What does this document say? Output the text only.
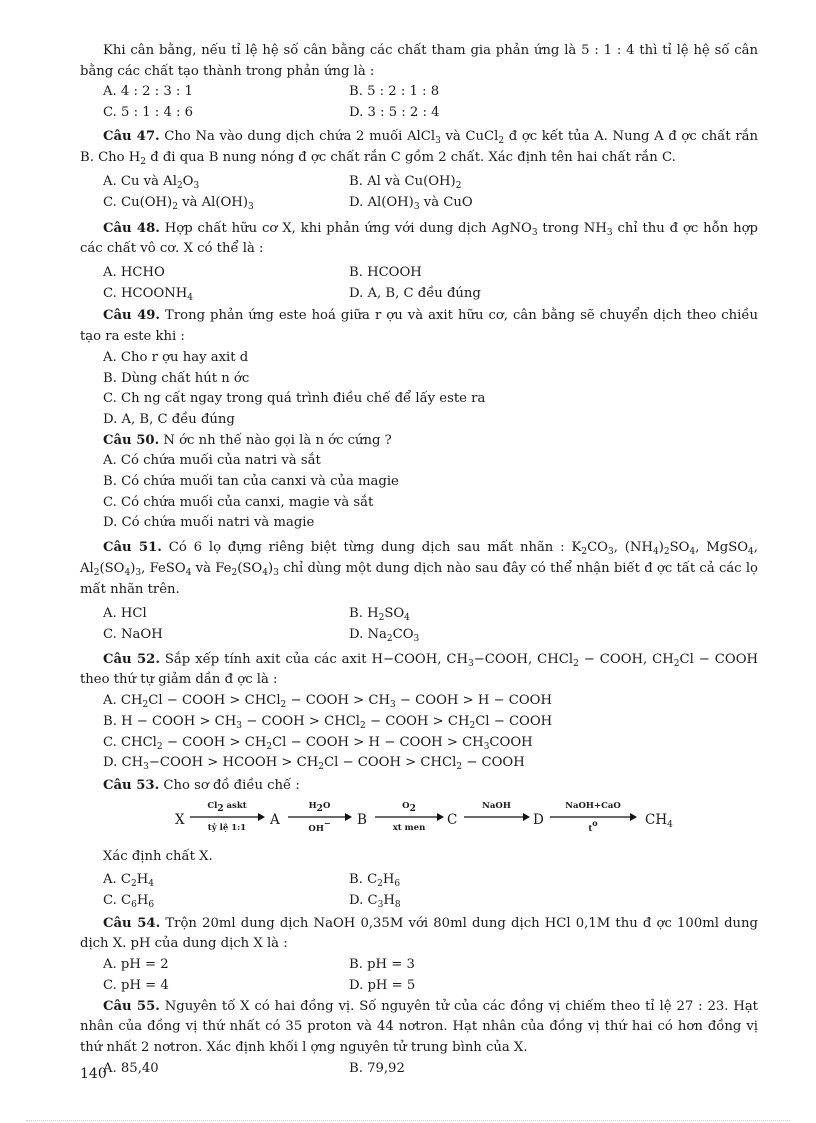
Khi cân bằng, nếu tỉ lệ hệ số cân bằng các chất tham gia phản ứng là 5 : 1 : 4 thì tỉ lệ hệ số cân bằng các chất tạo thành trong phản ứng là :

A. 4 : 2 : 3 : 1	B. 5 : 2 : 1 : 8
C. 5 : 1 : 4 : 6	D. 3 : 5 : 2 : 4

Câu 47. Cho Na vào dung dịch chứa 2 muối AlCl$_3$ và CuCl$_2$ đ ợc kết tủa A. Nung A đ ợc chất rắn B. Cho $H_2$ đ đi qua B nung nóng đ ợc chất rắn C gồm 2 chất. Xác định tên hai chất rắn C.

A. Cu và $Al_2O_3$	B. Al và $Cu(OH)_2$
C. $Cu(OH)_2$ và $Al(OH)_3$	D. $Al(OH)_3$ và CuO

Câu 48. Hợp chất hữu cơ X, khi phản ứng với dung dịch AgNO$_3$ trong $NH_3$ chỉ thu đ ợc hỗn hợp các chất vô cơ. X có thể là :

A. HCHO	B. HCOOH
C. $HCOONH_4$	D. A, B, C đều đúng

Câu 49. Trong phản ứng este hoá giữa r ợu và axit hữu cơ, cân bằng sẽ chuyển dịch theo chiều tạo ra este khi :

A. Cho r ợu hay axit d
B. Dùng chất hút n ớc
C. Ch ng cất ngay trong quá trình điều chế để lấy este ra
D. A, B, C đều đúng

Câu 50. N ớc nh thế nào gọi là n ớc cứng ?

A. Có chứa muối của natri và sắt
B. Có chứa muối tan của canxi và của magie
C. Có chứa muối của canxi, magie và sắt
D. Có chứa muối natri và magie

Câu 51. Có 6 lọ đựng riêng biệt từng dung dịch sau mất nhãn : $K_2CO_3$, $(NH_4)_2SO_4$, MgSO$_4$, $Al_2(SO_4)_3$, FeSO$_4$ và $Fe_2(SO_4)_3$ chỉ dùng một dung dịch nào sau đây có thể nhận biết đ ợc tất cả các lọ mất nhãn trên.

A. HCl	B. $H_2SO_4$
C. NaOH	D. $Na_2CO_3$

Câu 52. Sắp xếp tính axit của các axit H−COOH, $CH_3-COOH$, CHCl$_2$ − COOH, $CH_2Cl$ − COOH theo thứ tự giảm dần đ ợc là :

A. $CH_2Cl$ − COOH > CHCl$_2$ − COOH > $CH_3$ − COOH > H − COOH
B. H − COOH > $CH_3$ − COOH > CHCl$_2$ − COOH > $CH_2Cl$ − COOH
C. CHCl$_2$ − COOH > $CH_2Cl$ − COOH > H − COOH > $CH_3COOH$
D. $CH_3-COOH$ > HCOOH > $CH_2Cl$ − COOH > CHCl$_2$ − COOH

Câu 53. Cho sơ đồ điều chế :

X
$Cl_2$ askt
tỷ lệ 1:1	A
$H_2O$
OH−	B
$O_2$
xt men	C
NaOH
D
NaOH+CaO
$t^o$	$CH_4$

Xác định chất X.

A. $C_2H_4$	B. $C_2H_6$
C. $C_6H_6$	D. $C_3H_8$

Câu 54. Trộn 20ml dung dịch NaOH 0,35M với 80ml dung dịch HCl 0,1M thu đ ợc 100ml dung dịch X. pH của dung dịch X là :

A. pH = 2	B. pH = 3
C. pH = 4	D. pH = 5

Câu 55. Nguyên tố X có hai đồng vị. Số nguyên tử của các đồng vị chiếm theo tỉ lệ 27 : 23. Hạt nhân của đồng vị thứ nhất có 35 proton và 44 nơtron. Hạt nhân của đồng vị thứ hai có hơn đồng vị thứ nhất 2 nơtron. Xác định khối l ợng nguyên tử trung bình của X.

A. 85,40	B. 79,92
140
